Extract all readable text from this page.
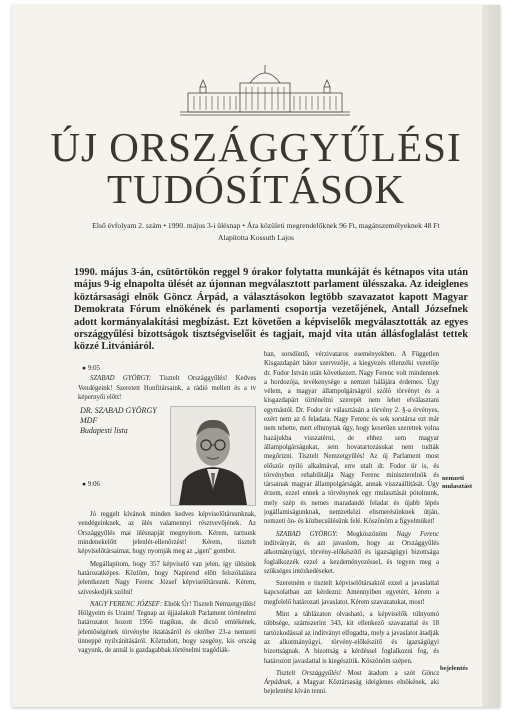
ÚJ ORSZÁGGYŰLÉSI
TUDÓSÍTÁSOK
Első évfolyam 2. szám • 1990. május 3-i ülésnap • Ára közületi megrendelőknek 96 Ft, magánszemélyeknek 48 Ft
Alapította Kossuth Lajos
1990. május 3-án, csütörtökön reggel 9 órakor folytatta munkáját és kétnapos vita után május 9-ig elnapolta ülését az újonnan megválasztott parlament ülésszaka. Az ideiglenes köztársasági elnök Göncz Árpád, a választásokon legtöbb szavazatot kapott Magyar Demokrata Fórum elnökének és parlamenti csoportja vezetőjének, Antall Józsefnek adott kormányalakítási megbízást. Ezt követően a képviselők megválasztották az egyes országgyűlési bizottságok tisztségviselőit és tagjait, majd vita után állásfoglalást tettek közzé Litvániáról.
● 9:05

SZABAD GYÖRGY: Tisztelt Országgyűlés! Kedves Vendégeink! Szeretett Honfitársaink, a rádió mellett és a tv képernyői előtt!

DR. SZABAD GYÖRGY
MDF
Budapesti lista
● 9:06

Jó reggelt kívánok minden kedves képviselőtársunknak, vendégeinknek, az ülés valamennyi résztvevőjének. Az Országgyűlés mai ülésnapját megnyitom. Kérem, tartsunk mindenekelőtt jelenlét-ellenőrzést! Kérem, tisztelt képviselőtársaimat, hogy nyomják meg az „igen" gombot.

Megállapítom, hogy 357 képviselő van jelen, így ülésünk határozatképes. Közlöm, hogy Napirend előtt felszólalásra jelentkezett Nagy Ferenc József képviselőtársunk. Kérem, szíveskedjék szólni!

NAGY FERENC JÓZSEF: Elnök Úr! Tisztelt Nemzetgyűlés! Hölgyeim és Uraim! Tegnap az újjáalakult Parlament történelmi határozatot hozott 1956 tragikus, de dicső emlékének, jelentőségének törvénybe iktatásáról és október 23-a nemzeti ünneppé nyilvánításáról. Köztudott, hogy szegény, kis ország vagyunk, de annál is gazdagabbak történelmi tragédiák-

ban, sorsdöntő, vérzivataros eseményekben. A Független Kisgazdapárt bátor szervezője, a kiegyezés ellenzéki vezetője dr. Fodor István után következett. Nagy Ferenc volt mindennek a hordozója, tevékenysége a nemzet hálájára érdemes. Úgy vélem, a magyar állampolgárságról szóló törvényt és a kisgazdapárt történelmi szerepét nem lehet elválasztani egymástól. Dr. Fodor úr választásán a törvény 2. §-a érvényes, ezért nem az ő feladata. Nagy Ferenc és sok sorstársa ezt már nem tehette, mert elhunytak úgy, hogy keserűen szerettek volna hazájukba visszatérni, de ehhez sem magyar állampolgárságukat, sem hovatartozásukat nem tudták megőrizni. Tisztelt Nemzetgyűlés! Az új Parlament most először nyíló alkalmával, erre utalt dr. Fodor úr is, és törvényben rehabilitálja Nagy Ferenc miniszterelnök és társainak magyar állampolgárságát, annak visszaállítását. Úgy érzem, ezzel ennek a törvénynek egy mulasztását pótolnunk, mely szép és nemes maradandó feladat és újabb lépés jogállamiságunknak, nemzetközi elismerésünknek útján, nemzeti ön- és közbecsülésünk felé. Köszönöm a figyelmüket!

SZABAD GYÖRGY: Megköszönöm Nagy Ferenc indítványát, és azt javaslom, hogy az Országgyűlés alkotmányügyi, törvény-előkészítő és igazságügyi bizottsága foglalkozzék ezzel a kezdeményezéssel, és tegyen meg a szükséges intézkedéseket.

Szeretném e tisztelt képviselőtársaktól ezzel a javaslattal kapcsolatban azt kérdezni: Amennyiben egyetért, kérem a megfelelő határozati javaslatot. Kérem szavazatukat, most!

Mint a táblázaton olvasható, a képviselők túlnyomó többsége, számszerint 343, kit ellenkező szavazattal és 18 tartózkodással az indítványt elfogadta, mely a javaslatot átadják az alkotmányügyi, törvény-előkészítő és igazságügyi bizottságnak. A bizottság a kérdéssel foglalkozni fog, és határozott javaslattal is kiegészítik. Köszönöm szépen.

Tisztelt Országgyűlés! Most átadom a szót Göncz Árpádnak, a Magyar Köztársaság ideiglenes elnökének, aki bejelentést kíván tenni.

nemzeti mulasztást
bejelentés
